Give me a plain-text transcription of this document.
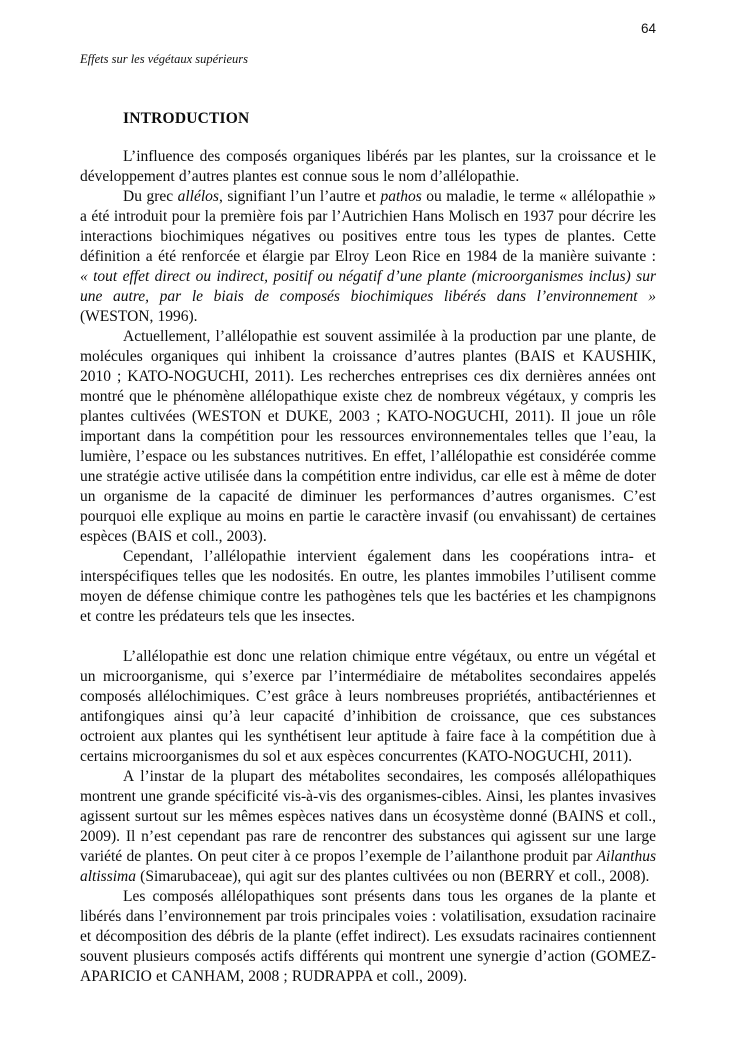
64
Effets sur les végétaux supérieurs
INTRODUCTION

L’influence des composés organiques libérés par les plantes, sur la croissance et le développement d’autres plantes est connue sous le nom d’allélopathie.

Du grec allélos, signifiant l’un l’autre et pathos ou maladie, le terme « allélopathie » a été introduit pour la première fois par l’Autrichien Hans Molisch en 1937 pour décrire les interactions biochimiques négatives ou positives entre tous les types de plantes. Cette définition a été renforcée et élargie par Elroy Leon Rice en 1984 de la manière suivante : « tout effet direct ou indirect, positif ou négatif d’une plante (microorganismes inclus) sur une autre, par le biais de composés biochimiques libérés dans l’environnement » (WESTON, 1996).

Actuellement, l’allélopathie est souvent assimilée à la production par une plante, de molécules organiques qui inhibent la croissance d’autres plantes (BAIS et KAUSHIK, 2010 ; KATO-NOGUCHI, 2011). Les recherches entreprises ces dix dernières années ont montré que le phénomène allélopathique existe chez de nombreux végétaux, y compris les plantes cultivées (WESTON et DUKE, 2003 ; KATO-NOGUCHI, 2011). Il joue un rôle important dans la compétition pour les ressources environnementales telles que l’eau, la lumière, l’espace ou les substances nutritives. En effet, l’allélopathie est considérée comme une stratégie active utilisée dans la compétition entre individus, car elle est à même de doter un organisme de la capacité de diminuer les performances d’autres organismes. C’est pourquoi elle explique au moins en partie le caractère invasif (ou envahissant) de certaines espèces (BAIS et coll., 2003).

Cependant, l’allélopathie intervient également dans les coopérations intra- et interspécifiques telles que les nodosités. En outre, les plantes immobiles l’utilisent comme moyen de défense chimique contre les pathogènes tels que les bactéries et les champignons et contre les prédateurs tels que les insectes.

L’allélopathie est donc une relation chimique entre végétaux, ou entre un végétal et un microorganisme, qui s’exerce par l’intermédiaire de métabolites secondaires appelés composés allélochimiques. C’est grâce à leurs nombreuses propriétés, antibactériennes et antifongiques ainsi qu’à leur capacité d’inhibition de croissance, que ces substances octroient aux plantes qui les synthétisent leur aptitude à faire face à la compétition due à certains microorganismes du sol et aux espèces concurrentes (KATO-NOGUCHI, 2011).

A l’instar de la plupart des métabolites secondaires, les composés allélopathiques montrent une grande spécificité vis-à-vis des organismes-cibles. Ainsi, les plantes invasives agissent surtout sur les mêmes espèces natives dans un écosystème donné (BAINS et coll., 2009). Il n’est cependant pas rare de rencontrer des substances qui agissent sur une large variété de plantes. On peut citer à ce propos l’exemple de l’ailanthone produit par Ailanthus altissima (Simarubaceae), qui agit sur des plantes cultivées ou non (BERRY et coll., 2008).

Les composés allélopathiques sont présents dans tous les organes de la plante et libérés dans l’environnement par trois principales voies : volatilisation, exsudation racinaire et décomposition des débris de la plante (effet indirect). Les exsudats racinaires contiennent souvent plusieurs composés actifs différents qui montrent une synergie d’action (GOMEZ-APARICIO et CANHAM, 2008 ; RUDRAPPA et coll., 2009).
